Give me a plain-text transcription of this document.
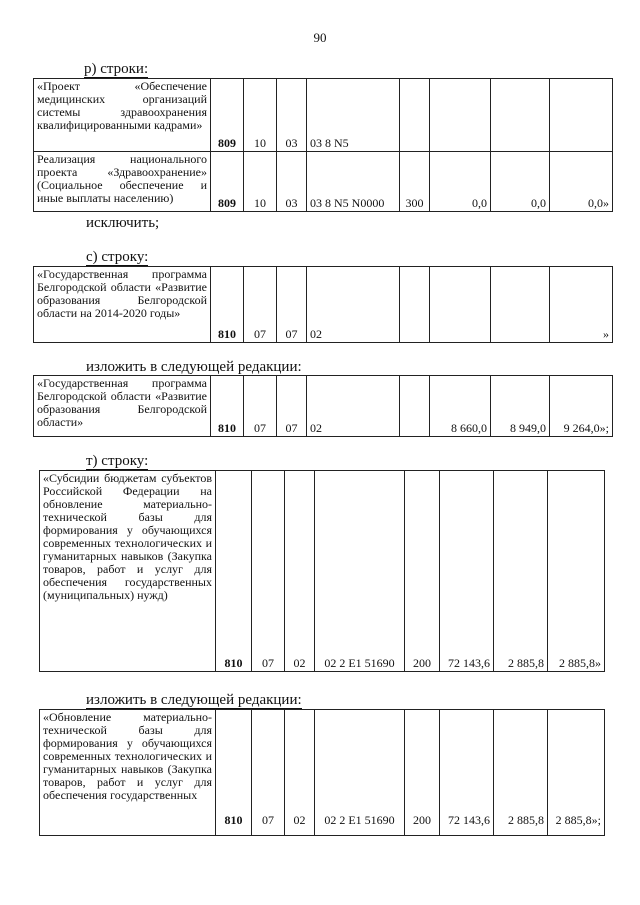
90
р) строки:
«Проект «Обеспечение медицинских организаций системы здравоохранения квалифицированными кадрами»	809	10	03	03 8 N5				
Реализация национального проекта «Здравоохранение» (Социальное обеспечение и иные выплаты населению)	809	10	03	03 8 N5 N0000	300	0,0	0,0	0,0»
исключить;
с) строку:
«Государственная программа Белгородской области «Развитие образования Белгородской области на 2014-2020 годы»	810	07	07	02				»
изложить в следующей редакции:
«Государственная программа Белгородской области «Развитие образования Белгородской области»	810	07	07	02		8 660,0	8 949,0	9 264,0»;
т) строку:
«Субсидии бюджетам субъектов Российской Федерации на обновление материально-технической базы для формирования у обучающихся современных технологических и гуманитарных навыков (Закупка товаров, работ и услуг для обеспечения государственных (муниципальных) нужд)	810	07	02	02 2 E1 51690	200	72 143,6	2 885,8	2 885,8»
изложить в следующей редакции:
«Обновление материально-технической базы для формирования у обучающихся современных технологических и гуманитарных навыков (Закупка товаров, работ и услуг для обеспечения государственных	810	07	02	02 2 E1 51690	200	72 143,6	2 885,8	2 885,8»;
